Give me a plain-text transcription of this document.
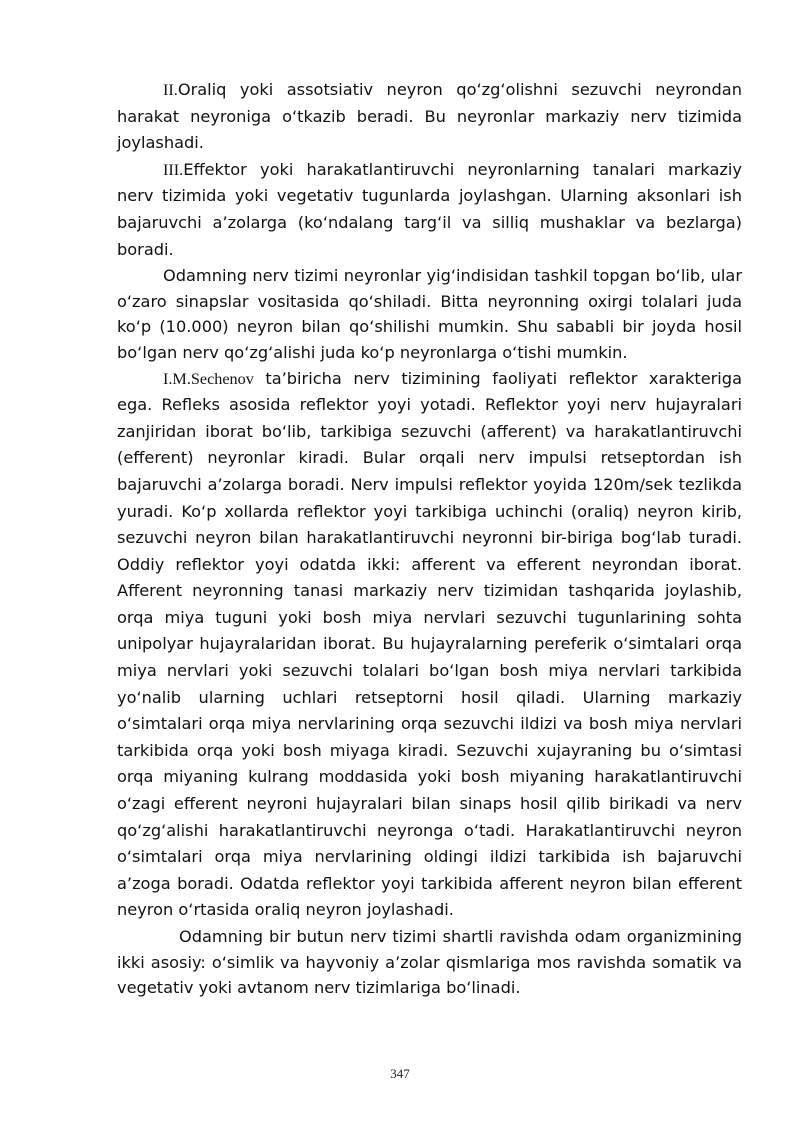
II.Oraliq yoki assotsiativ neyron qo‘zg‘olishni sezuvchi neyrondan harakat neyroniga o‘tkazib beradi. Bu neyronlar markaziy nerv tizimida joylashadi.

III.Effektor yoki harakatlantiruvchi neyronlarning tanalari markaziy nerv tizimida yoki vegetativ tugunlarda joylashgan. Ularning aksonlari ish bajaruvchi a’zolarga (ko‘ndalang targ‘il va silliq mushaklar va bezlarga) boradi.

Odamning nerv tizimi neyronlar yig‘indisidan tashkil topgan bo‘lib, ular o‘zaro sinapslar vositasida qo‘shiladi. Bitta neyronning oxirgi tolalari juda ko‘p (10.000) neyron bilan qo‘shilishi mumkin. Shu sababli bir joyda hosil bo‘lgan nerv qo‘zg‘alishi juda ko‘p neyronlarga o‘tishi mumkin.

I.M.Sechenov ta’biricha nerv tizimining faoliyati reflektor xarakteriga ega. Refleks asosida reflektor yoyi yotadi. Reflektor yoyi nerv hujayralari zanjiridan iborat bo‘lib, tarkibiga sezuvchi (afferent) va harakatlantiruvchi (efferent) neyronlar kiradi. Bular orqali nerv impulsi retseptordan ish bajaruvchi a’zolarga boradi. Nerv impulsi reflektor yoyida 120m/sek tezlikda yuradi. Ko‘p xollarda reflektor yoyi tarkibiga uchinchi (oraliq) neyron kirib, sezuvchi neyron bilan harakatlantiruvchi neyronni bir-biriga bog‘lab turadi. Oddiy reflektor yoyi odatda ikki: afferent va efferent neyrondan iborat. Afferent neyronning tanasi markaziy nerv tizimidan tashqarida joylashib, orqa miya tuguni yoki bosh miya nervlari sezuvchi tugunlarining sohta unipolyar hujayralaridan iborat. Bu hujayralarning pereferik o‘simtalari orqa miya nervlari yoki sezuvchi tolalari bo‘lgan bosh miya nervlari tarkibida yo‘nalib ularning uchlari retseptorni hosil qiladi. Ularning markaziy o‘simtalari orqa miya nervlarining orqa sezuvchi ildizi va bosh miya nervlari tarkibida orqa yoki bosh miyaga kiradi. Sezuvchi xujayraning bu o‘simtasi orqa miyaning kulrang moddasida yoki bosh miyaning harakatlantiruvchi o‘zagi efferent neyroni hujayralari bilan sinaps hosil qilib birikadi va nerv qo‘zg‘alishi harakatlantiruvchi neyronga o‘tadi. Harakatlantiruvchi neyron o‘simtalari orqa miya nervlarining oldingi ildizi tarkibida ish bajaruvchi a’zoga boradi. Odatda reflektor yoyi tarkibida afferent neyron bilan efferent neyron o‘rtasida oraliq neyron joylashadi.

Odamning bir butun nerv tizimi shartli ravishda odam organizmining ikki asosiy: o‘simlik va hayvoniy a’zolar qismlariga mos ravishda somatik va vegetativ yoki avtanom nerv tizimlariga bo‘linadi.

347
